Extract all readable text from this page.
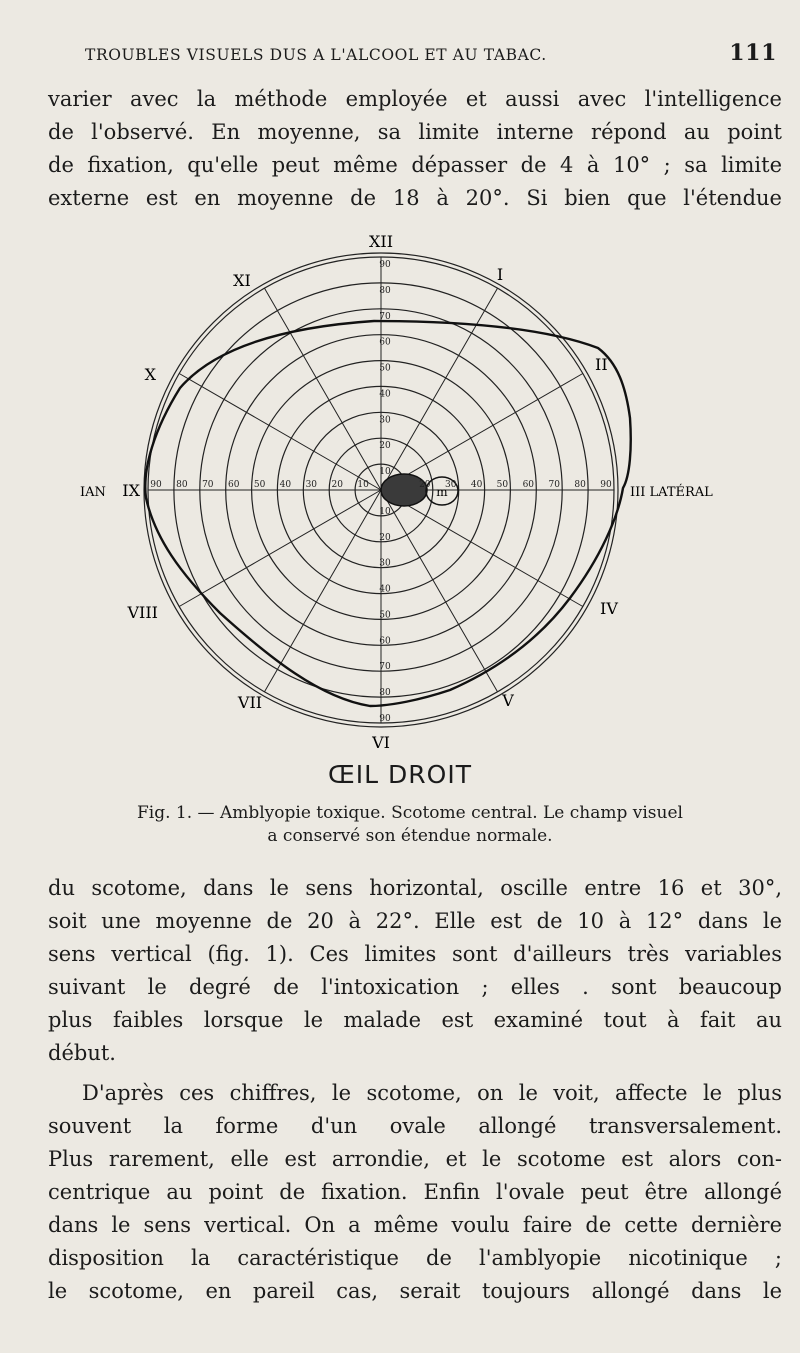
TROUBLES VISUELS DUS A L'ALCOOL ET AU TABAC.	111
varier avec la méthode employée et aussi avec l'intelligence
de l'observé. En moyenne, sa limite interne répond au point
de fixation, qu'elle peut même dépasser de 4 à 10° ; sa limite
externe est en moyenne de 18 à 20°. Si bien que l'étendue
m
XII
I
II
III LATÉRAL
IV
V
VI
VII
VIII
IX
X
XI
IAN
90
80
70
60
50
40
30
20
10
10
20
30
40
50
60
70
80
90
90 80 70 60 50 40 30 20 10	20 30 40 50 60 70 80 90
ŒIL DROIT
Fig. 1. — Amblyopie toxique. Scotome central. Le champ visuel
a conservé son étendue normale.
du scotome, dans le sens horizontal, oscille entre 16 et 30°,
soit une moyenne de 20 à 22°. Elle est de 10 à 12° dans le
sens vertical (fig. 1). Ces limites sont d'ailleurs très variables
suivant le degré de l'intoxication ; elles . sont beaucoup
plus faibles lorsque le malade est examiné tout à fait au
début.
D'après ces chiffres, le scotome, on le voit, affecte le plus
souvent la forme d'un ovale allongé transversalement.
Plus rarement, elle est arrondie, et le scotome est alors con-
centrique au point de fixation. Enfin l'ovale peut être allongé
dans le sens vertical. On a même voulu faire de cette dernière
disposition la caractéristique de l'amblyopie nicotinique ;
le scotome, en pareil cas, serait toujours allongé dans le
